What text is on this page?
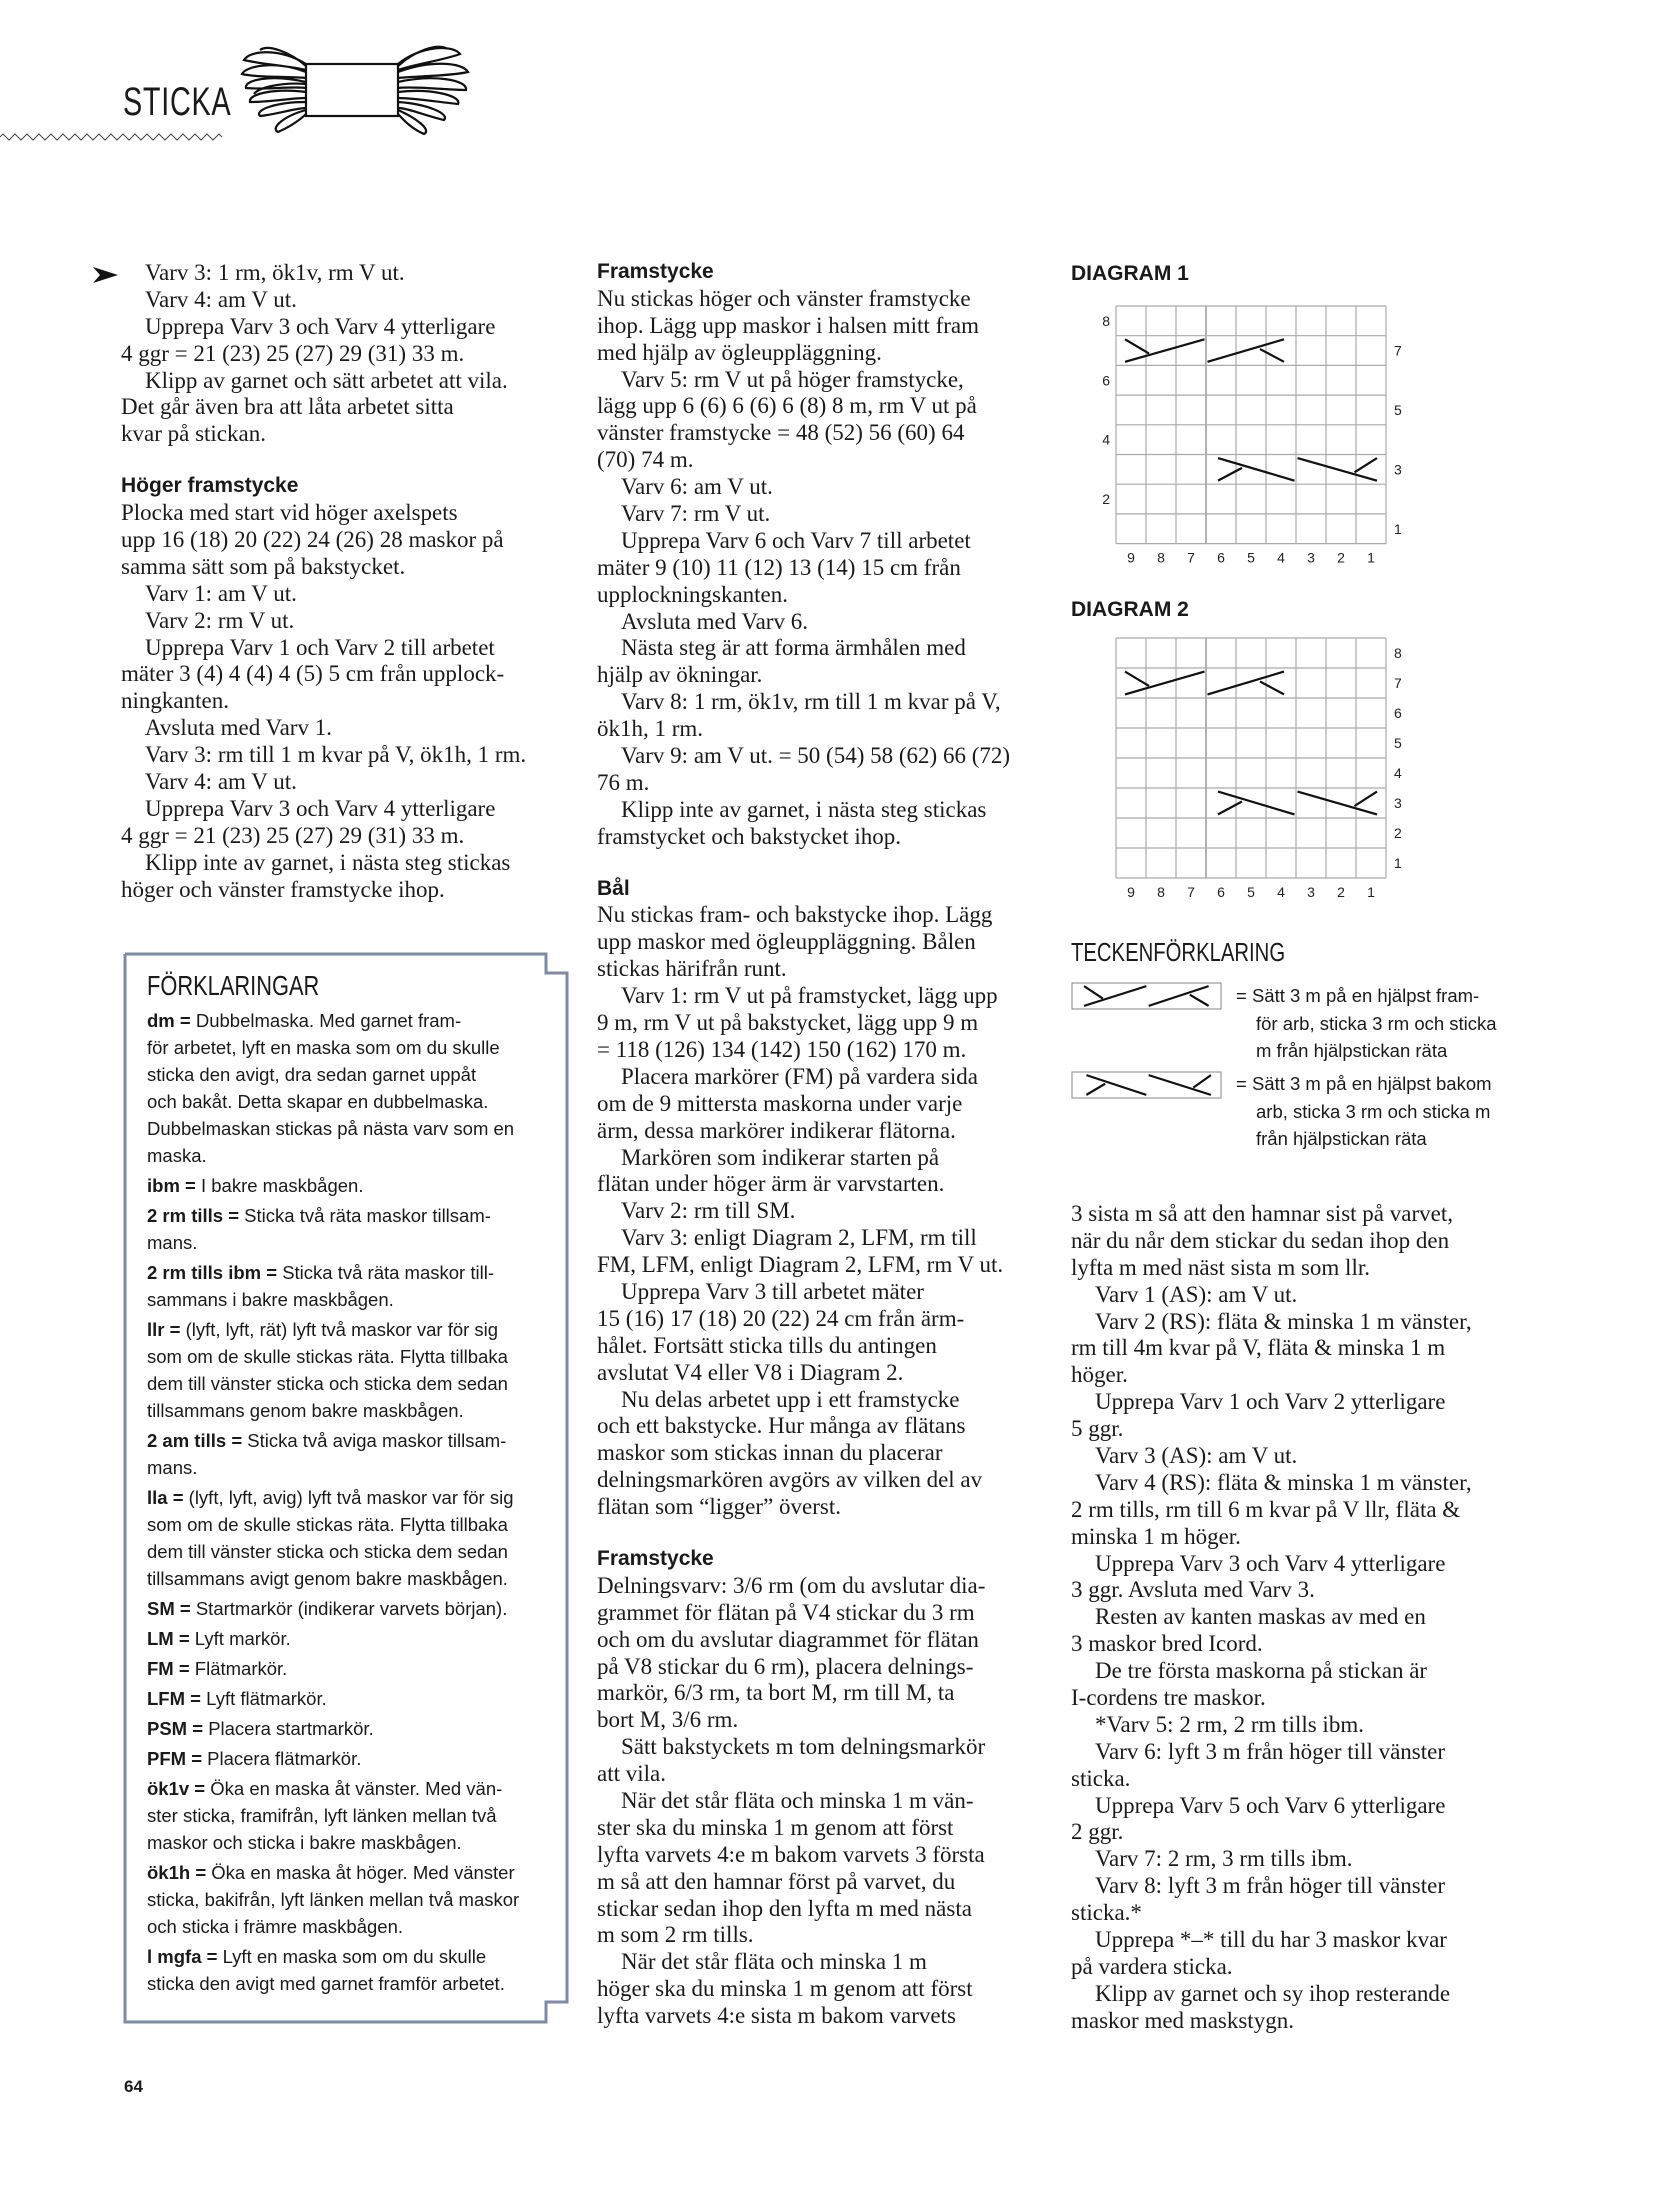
STICKA
Varv 3: 1 rm, ök1v, rm V ut.
Varv 4: am V ut.
Upprepa Varv 3 och Varv 4 ytterligare
4 ggr = 21 (23) 25 (27) 29 (31) 33 m.
Klipp av garnet och sätt arbetet att vila.
Det går även bra att låta arbetet sitta
kvar på stickan.
Höger framstycke
Plocka med start vid höger axelspets
upp 16 (18) 20 (22) 24 (26) 28 maskor på
samma sätt som på bakstycket.
Varv 1: am V ut.
Varv 2: rm V ut.
Upprepa Varv 1 och Varv 2 till arbetet
mäter 3 (4) 4 (4) 4 (5) 5 cm från upplock-
ningkanten.
Avsluta med Varv 1.
Varv 3: rm till 1 m kvar på V, ök1h, 1 rm.
Varv 4: am V ut.
Upprepa Varv 3 och Varv 4 ytterligare
4 ggr = 21 (23) 25 (27) 29 (31) 33 m.
Klipp inte av garnet, i nästa steg stickas
höger och vänster framstycke ihop.
Framstycke
Nu stickas höger och vänster framstycke
ihop. Lägg upp maskor i halsen mitt fram
med hjälp av ögleuppläggning.
Varv 5: rm V ut på höger framstycke,
lägg upp 6 (6) 6 (6) 6 (8) 8 m, rm V ut på
vänster framstycke = 48 (52) 56 (60) 64
(70) 74 m.
Varv 6: am V ut.
Varv 7: rm V ut.
Upprepa Varv 6 och Varv 7 till arbetet
mäter 9 (10) 11 (12) 13 (14) 15 cm från
upplockningskanten.
Avsluta med Varv 6.
Nästa steg är att forma ärmhålen med
hjälp av ökningar.
Varv 8: 1 rm, ök1v, rm till 1 m kvar på V,
ök1h, 1 rm.
Varv 9: am V ut. = 50 (54) 58 (62) 66 (72)
76 m.
Klipp inte av garnet, i nästa steg stickas
framstycket och bakstycket ihop.
Bål
Nu stickas fram- och bakstycke ihop. Lägg
upp maskor med ögleuppläggning. Bålen
stickas härifrån runt.
Varv 1: rm V ut på framstycket, lägg upp
9 m, rm V ut på bakstycket, lägg upp 9 m
= 118 (126) 134 (142) 150 (162) 170 m.
Placera markörer (FM) på vardera sida
om de 9 mittersta maskorna under varje
ärm, dessa markörer indikerar flätorna.
Markören som indikerar starten på
flätan under höger ärm är varvstarten.
Varv 2: rm till SM.
Varv 3: enligt Diagram 2, LFM, rm till
FM, LFM, enligt Diagram 2, LFM, rm V ut.
Upprepa Varv 3 till arbetet mäter
15 (16) 17 (18) 20 (22) 24 cm från ärm-
hålet. Fortsätt sticka tills du antingen
avslutat V4 eller V8 i Diagram 2.
Nu delas arbetet upp i ett framstycke
och ett bakstycke. Hur många av flätans
maskor som stickas innan du placerar
delningsmarkören avgörs av vilken del av
flätan som “ligger” överst.
Framstycke
Delningsvarv: 3/6 rm (om du avslutar dia-
grammet för flätan på V4 stickar du 3 rm
och om du avslutar diagrammet för flätan
på V8 stickar du 6 rm), placera delnings-
markör, 6/3 rm, ta bort M, rm till M, ta
bort M, 3/6 rm.
Sätt bakstyckets m tom delningsmarkör
att vila.
När det står fläta och minska 1 m vän-
ster ska du minska 1 m genom att först
lyfta varvets 4:e m bakom varvets 3 första
m så att den hamnar först på varvet, du
stickar sedan ihop den lyfta m med nästa
m som 2 rm tills.
När det står fläta och minska 1 m
höger ska du minska 1 m genom att först
lyfta varvets 4:e sista m bakom varvets
3 sista m så att den hamnar sist på varvet,
när du når dem stickar du sedan ihop den
lyfta m med näst sista m som llr.
Varv 1 (AS): am V ut.
Varv 2 (RS): fläta & minska 1 m vänster,
rm till 4m kvar på V, fläta & minska 1 m
höger.
Upprepa Varv 1 och Varv 2 ytterligare
5 ggr.
Varv 3 (AS): am V ut.
Varv 4 (RS): fläta & minska 1 m vänster,
2 rm tills, rm till 6 m kvar på V llr, fläta &
minska 1 m höger.
Upprepa Varv 3 och Varv 4 ytterligare
3 ggr. Avsluta med Varv 3.
Resten av kanten maskas av med en
3 maskor bred Icord.
De tre första maskorna på stickan är
I-cordens tre maskor.
*Varv 5: 2 rm, 2 rm tills ibm.
Varv 6: lyft 3 m från höger till vänster
sticka.
Upprepa Varv 5 och Varv 6 ytterligare
2 ggr.
Varv 7: 2 rm, 3 rm tills ibm.
Varv 8: lyft 3 m från höger till vänster
sticka.*
Upprepa *–* till du har 3 maskor kvar
på vardera sticka.
Klipp av garnet och sy ihop resterande
maskor med maskstygn.
FÖRKLARINGAR
dm = Dubbelmaska. Med garnet fram-
för arbetet, lyft en maska som om du skulle
sticka den avigt, dra sedan garnet uppåt
och bakåt. Detta skapar en dubbelmaska.
Dubbelmaskan stickas på nästa varv som en
maska.
ibm = I bakre maskbågen.
2 rm tills = Sticka två räta maskor tillsam-
mans.
2 rm tills ibm = Sticka två räta maskor till-
sammans i bakre maskbågen.
llr = (lyft, lyft, rät) lyft två maskor var för sig
som om de skulle stickas räta. Flytta tillbaka
dem till vänster sticka och sticka dem sedan
tillsammans genom bakre maskbågen.
2 am tills = Sticka två aviga maskor tillsam-
mans.
lla = (lyft, lyft, avig) lyft två maskor var för sig
som om de skulle stickas räta. Flytta tillbaka
dem till vänster sticka och sticka dem sedan
tillsammans avigt genom bakre maskbågen.
SM = Startmarkör (indikerar varvets början).
LM = Lyft markör.
FM = Flätmarkör.
LFM = Lyft flätmarkör.
PSM = Placera startmarkör.
PFM = Placera flätmarkör.
ök1v = Öka en maska åt vänster. Med vän-
ster sticka, framifrån, lyft länken mellan två
maskor och sticka i bakre maskbågen.
ök1h = Öka en maska åt höger. Med vänster
sticka, bakifrån, lyft länken mellan två maskor
och sticka i främre maskbågen.
l mgfa = Lyft en maska som om du skulle
sticka den avigt med garnet framför arbetet.
DIAGRAM 1
9 8 7 6 5 4 3 2 1
8
6
4
2
7
5
3
1
DIAGRAM 2
9 8 7 6 5 4 3 2 1
8
7
6
5
4
3
2
1
TECKENFÖRKLARING
= Sätt 3 m på en hjälpst fram-
för arb, sticka 3 rm och sticka
m från hjälpstickan räta
= Sätt 3 m på en hjälpst bakom
arb, sticka 3 rm och sticka m
från hjälpstickan räta
64
